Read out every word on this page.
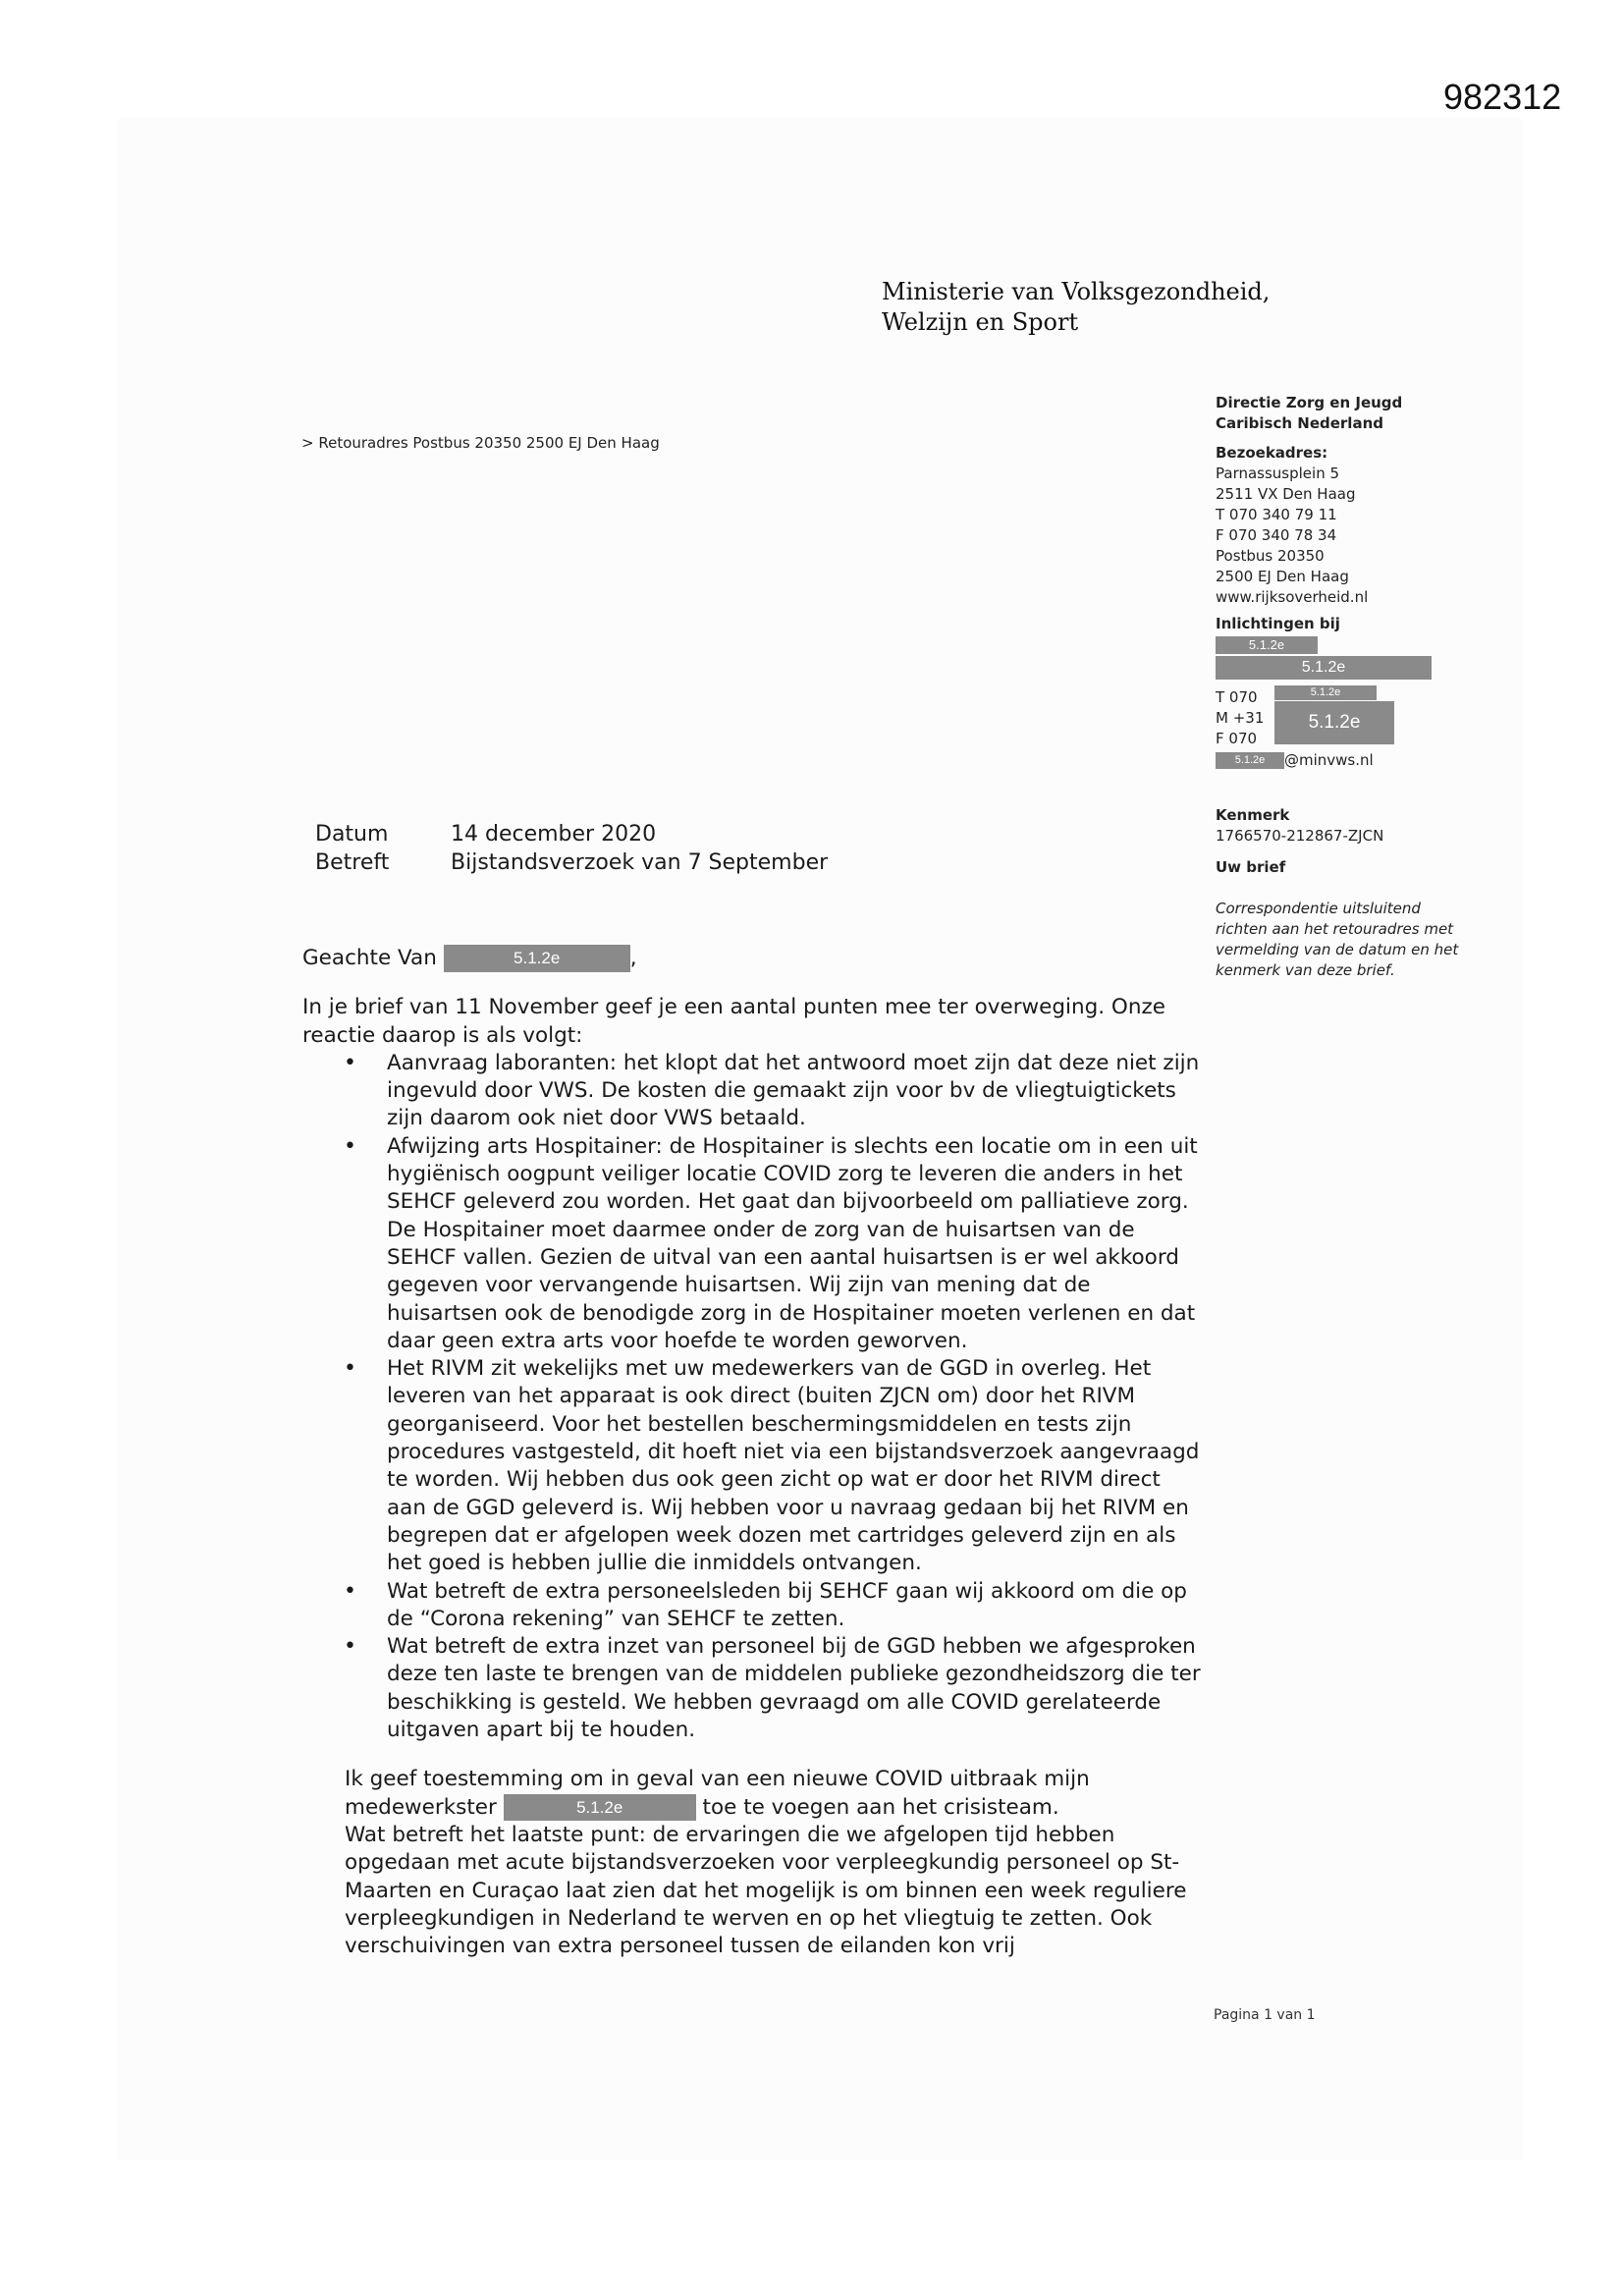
982312
Ministerie van Volksgezondheid,
Welzijn en Sport
> Retouradres Postbus 20350 2500 EJ Den Haag
Directie Zorg en Jeugd
Caribisch Nederland
Bezoekadres:
Parnassusplein 5
2511 VX Den Haag
T 070 340 79 11
F 070 340 78 34
Postbus 20350
2500 EJ Den Haag
www.rijksoverheid.nl
Inlichtingen bij
5.1.2e
5.1.2e
T 070
M +31
F 070
5.1.2e
5.1.2e
5.1.2e @minvws.nl
Kenmerk
1766570-212867-ZJCN
Uw brief
Correspondentie uitsluitend richten aan het retouradres met vermelding van de datum en het kenmerk van deze brief.
Datum	14 december 2020
Betreft	Bijstandsverzoek van 7 September

Geachte Van	5.1.2e	,

In je brief van 11 November geef je een aantal punten mee ter overweging. Onze reactie daarop is als volgt:

• Aanvraag laboranten: het klopt dat het antwoord moet zijn dat deze niet zijn ingevuld door VWS. De kosten die gemaakt zijn voor bv de vliegtuigtickets zijn daarom ook niet door VWS betaald.
• Afwijzing arts Hospitainer: de Hospitainer is slechts een locatie om in een uit hygiënisch oogpunt veiliger locatie COVID zorg te leveren die anders in het SEHCF geleverd zou worden. Het gaat dan bijvoorbeeld om palliatieve zorg. De Hospitainer moet daarmee onder de zorg van de huisartsen van de SEHCF vallen. Gezien de uitval van een aantal huisartsen is er wel akkoord gegeven voor vervangende huisartsen. Wij zijn van mening dat de huisartsen ook de benodigde zorg in de Hospitainer moeten verlenen en dat daar geen extra arts voor hoefde te worden geworven.
• Het RIVM zit wekelijks met uw medewerkers van de GGD in overleg. Het leveren van het apparaat is ook direct (buiten ZJCN om) door het RIVM georganiseerd. Voor het bestellen beschermingsmiddelen en tests zijn procedures vastgesteld, dit hoeft niet via een bijstandsverzoek aangevraagd te worden. Wij hebben dus ook geen zicht op wat er door het RIVM direct aan de GGD geleverd is. Wij hebben voor u navraag gedaan bij het RIVM en begrepen dat er afgelopen week dozen met cartridges geleverd zijn en als het goed is hebben jullie die inmiddels ontvangen.
• Wat betreft de extra personeelsleden bij SEHCF gaan wij akkoord om die op de “Corona rekening” van SEHCF te zetten.
• Wat betreft de extra inzet van personeel bij de GGD hebben we afgesproken deze ten laste te brengen van de middelen publieke gezondheidszorg die ter beschikking is gesteld. We hebben gevraagd om alle COVID gerelateerde uitgaven apart bij te houden.

Ik geef toestemming om in geval van een nieuwe COVID uitbraak mijn medewerkster	5.1.2e	toe te voegen aan het crisisteam.
Wat betreft het laatste punt: de ervaringen die we afgelopen tijd hebben opgedaan met acute bijstandsverzoeken voor verpleegkundig personeel op St-Maarten en Curaçao laat zien dat het mogelijk is om binnen een week reguliere verpleegkundigen in Nederland te werven en op het vliegtuig te zetten. Ook verschuivingen van extra personeel tussen de eilanden kon vrij

Pagina 1 van 1
